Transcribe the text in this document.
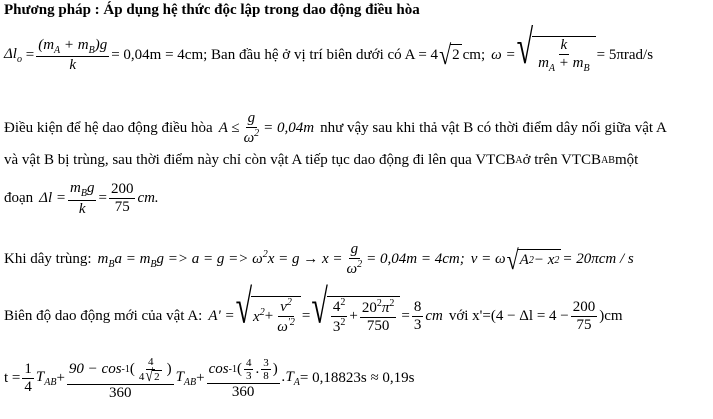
Phương pháp : Áp dụng hệ thức độc lập trong dao động điều hòa
$\Delta l_o = \frac{(m_A + m_B)g}{k} = 0,04m = 4cm$; Ban đầu hệ ở vị trí biên dưới có A = 4 √ 2 cm; ω = √ $\frac{k}{m_A + m_B} = 5\pi rad/s$
Điều kiện để hệ dao động điều hòa $A \le \frac{g}{\omega^2} = 0,04m$ như vậy sau khi thả vật B có thời điểm dây nối giữa vật A
và vật B bị trùng, sau thời điểm này chỉ còn vật A tiếp tục dao động đi lên qua VTCB A ở trên VTCB AB một
đoạn $\Delta l = \frac{m_Bg}{k} = \frac{200}{75}$ cm.
Khi dây trùng: $m_Ba = m_Bg => a = g => \omega^2x = g \to x = \frac{g}{\omega^2} = 0,04m = 4cm$; v = ω √ A 2 − x 2 = 20πcm / s
Biên độ dao động mới của vật A: A' = √ $x^2 + \frac{v^2}{\omega^{'2}}$ = √ $\frac{4^2}{3^2} + \frac{20^2\pi^2}{750} = \frac{8}{3}$ cm với $x'=(4 - \Delta l = 4 - \frac{200}{75} )cm$
$t = \frac{1}{4} T_{AB} + \frac{90 - \cos -1 ( \frac{4}{4 √ 2} )}{360} T_{AB} + \frac{\cos -1 ( \frac{4}{3} . \frac{3}{8} )}{360} .T_A = 0,18823s \approx 0,19s$
